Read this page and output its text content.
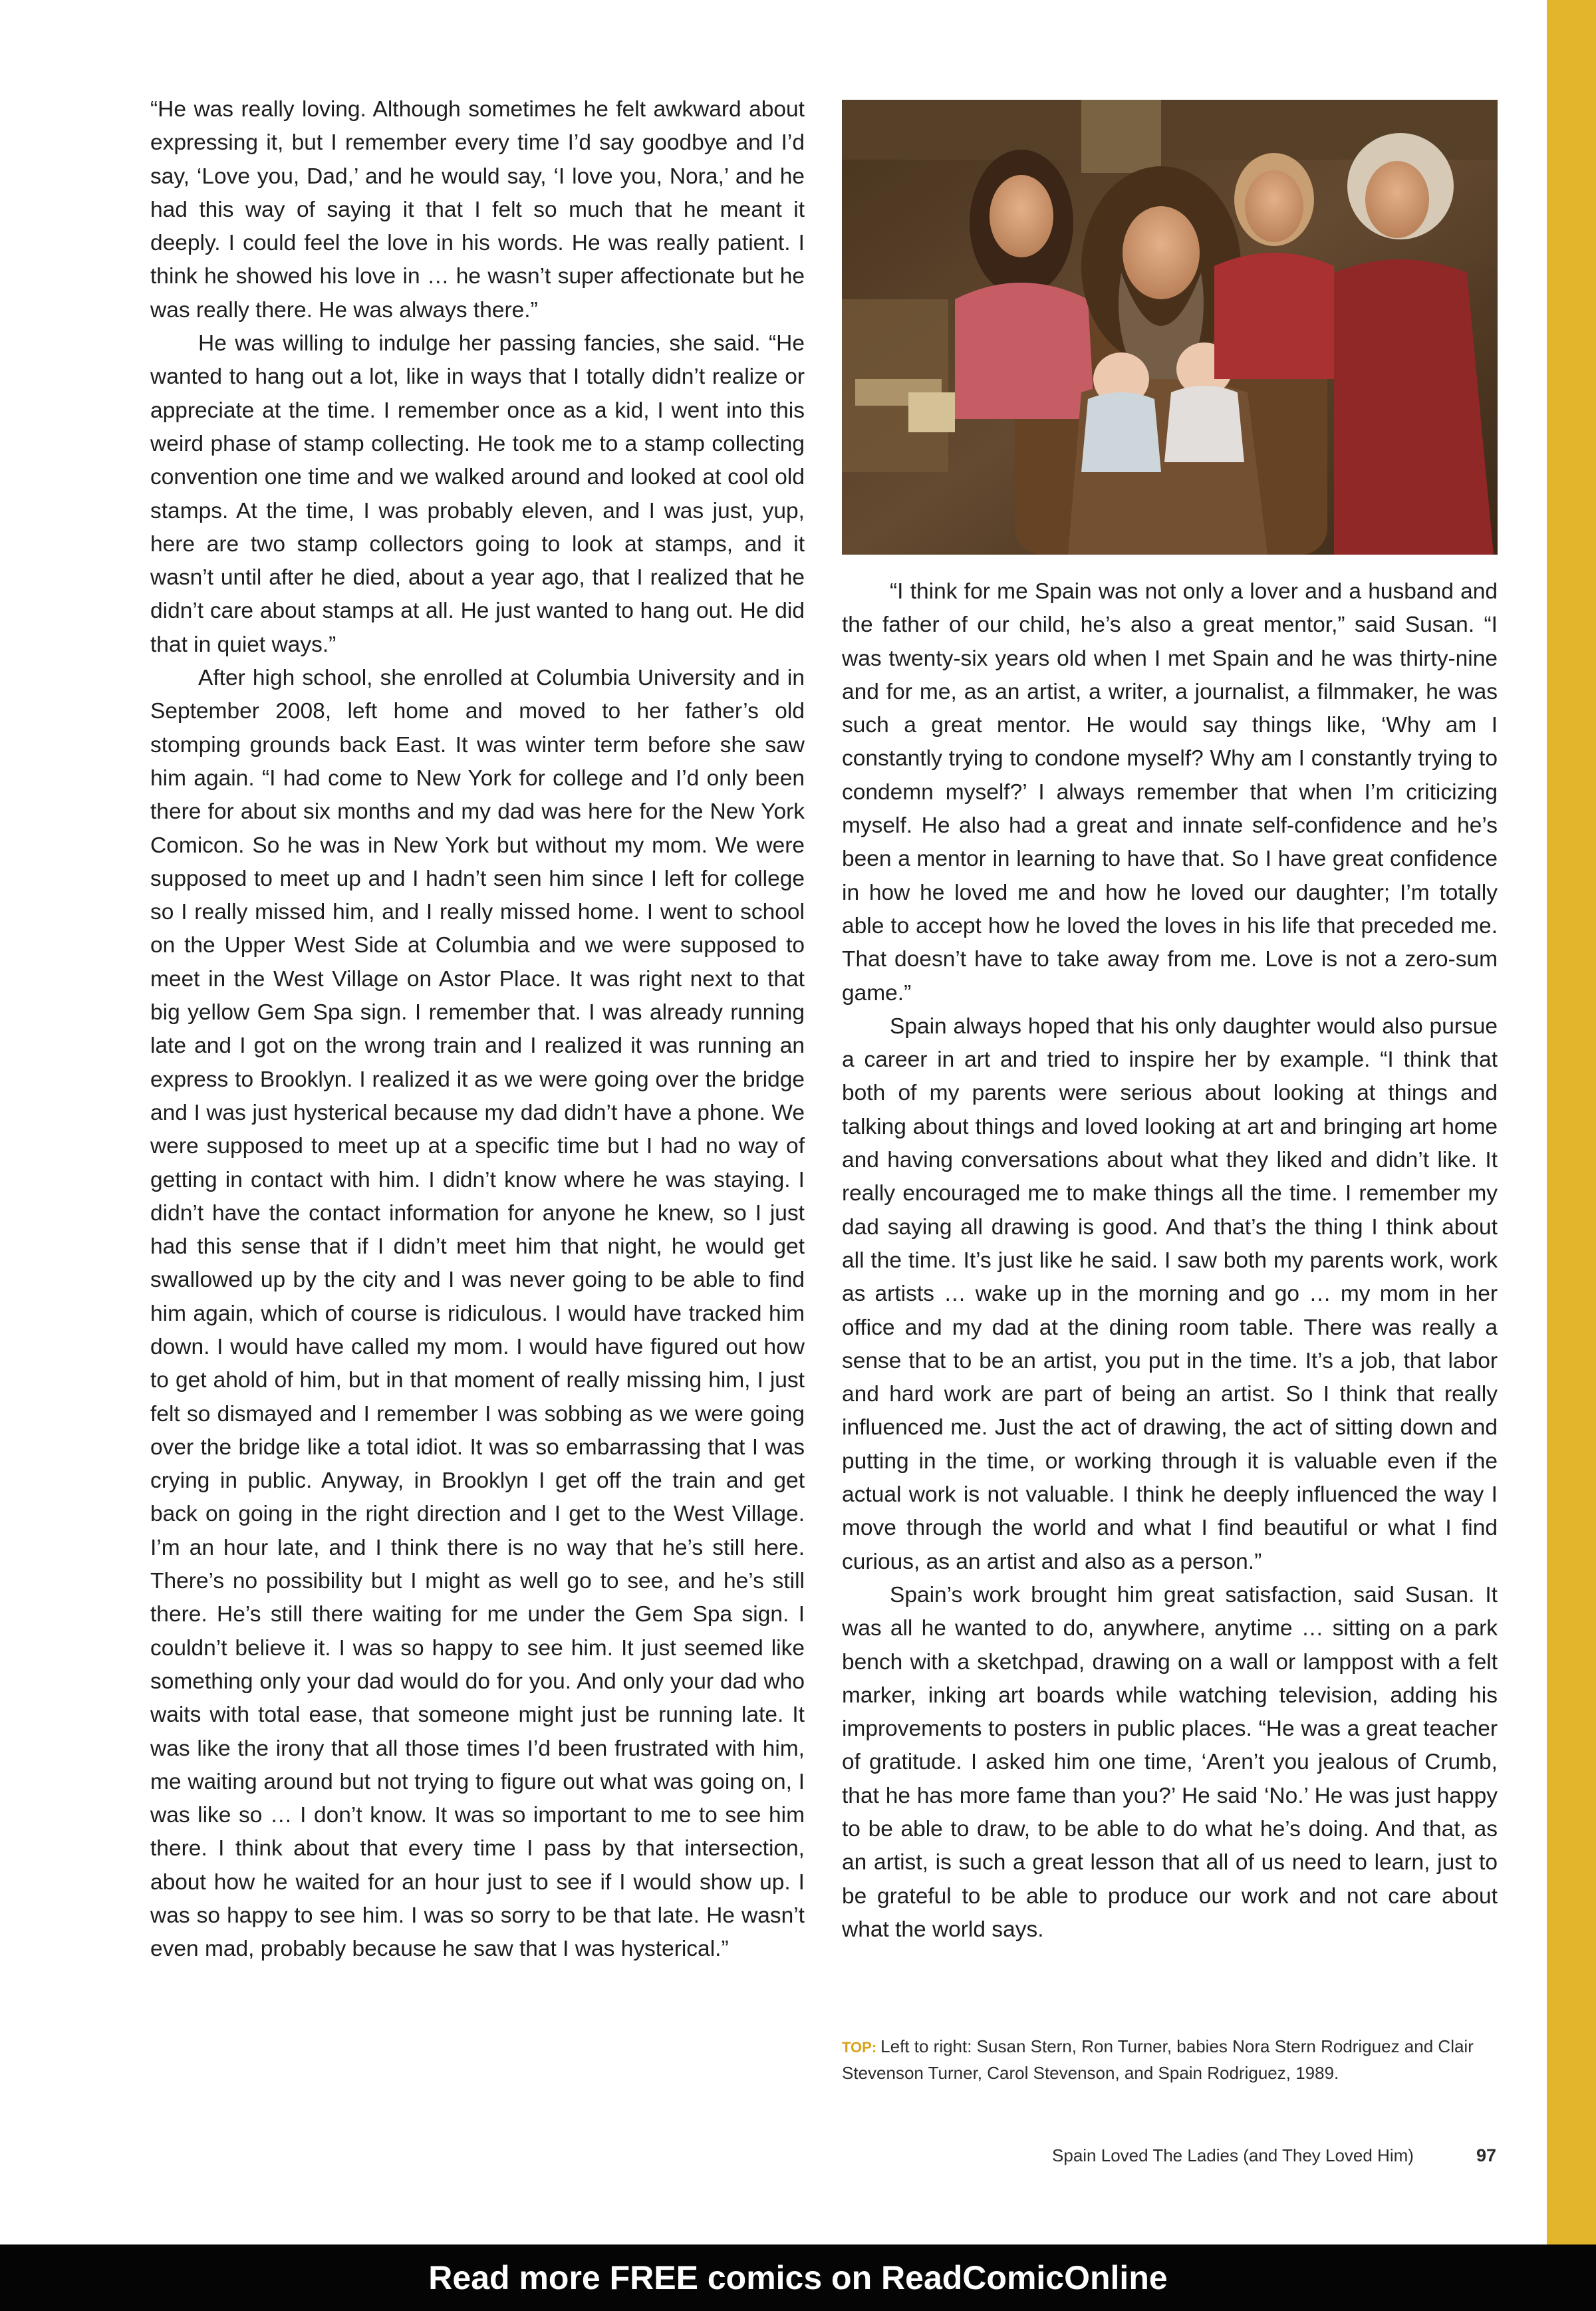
“He was really loving. Although sometimes he felt awkward about expressing it, but I remember every time I’d say goodbye and I’d say, ‘Love you, Dad,’ and he would say, ‘I love you, Nora,’ and he had this way of saying it that I felt so much that he meant it deeply. I could feel the love in his words. He was really patient. I think he showed his love in … he wasn’t super affectionate but he was really there. He was always there.”

He was willing to indulge her passing fancies, she said. “He wanted to hang out a lot, like in ways that I totally didn’t realize or appreciate at the time. I remember once as a kid, I went into this weird phase of stamp collecting. He took me to a stamp collecting convention one time and we walked around and looked at cool old stamps. At the time, I was probably eleven, and I was just, yup, here are two stamp collectors going to look at stamps, and it wasn’t until after he died, about a year ago, that I realized that he didn’t care about stamps at all. He just wanted to hang out. He did that in quiet ways.”

After high school, she enrolled at Columbia University and in September 2008, left home and moved to her father’s old stomping grounds back East. It was winter term before she saw him again. “I had come to New York for college and I’d only been there for about six months and my dad was here for the New York Comicon. So he was in New York but without my mom. We were supposed to meet up and I hadn’t seen him since I left for college so I really missed him, and I really missed home. I went to school on the Upper West Side at Columbia and we were supposed to meet in the West Village on Astor Place. It was right next to that big yellow Gem Spa sign. I remember that. I was already running late and I got on the wrong train and I realized it was running an express to Brooklyn. I realized it as we were going over the bridge and I was just hysterical because my dad didn’t have a phone. We were supposed to meet up at a specific time but I had no way of getting in contact with him. I didn’t know where he was staying. I didn’t have the contact information for anyone he knew, so I just had this sense that if I didn’t meet him that night, he would get swallowed up by the city and I was never going to be able to find him again, which of course is ridiculous. I would have tracked him down. I would have called my mom. I would have figured out how to get ahold of him, but in that moment of really missing him, I just felt so dismayed and I remember I was sobbing as we were going over the bridge like a total idiot. It was so embarrassing that I was crying in public. Anyway, in Brooklyn I get off the train and get back on going in the right direction and I get to the West Village. I’m an hour late, and I think there is no way that he’s still here. There’s no possibility but I might as well go to see, and he’s still there. He’s still there waiting for me under the Gem Spa sign. I couldn’t believe it. I was so happy to see him. It just seemed like something only your dad would do for you. And only your dad who waits with total ease, that someone might just be running late. It was like the irony that all those times I’d been frustrated with him, me waiting around but not trying to figure out what was going on, I was like so … I don’t know. It was so important to me to see him there. I think about that every time I pass by that intersection, about how he waited for an hour just to see if I would show up. I was so happy to see him. I was so sorry to be that late. He wasn’t even mad, probably because he saw that I was hysterical.”

“I think for me Spain was not only a lover and a husband and the father of our child, he’s also a great mentor,” said Susan. “I was twenty-six years old when I met Spain and he was thirty-nine and for me, as an artist, a writer, a journalist, a filmmaker, he was such a great mentor. He would say things like, ‘Why am I constantly trying to condone myself? Why am I constantly trying to condemn myself?’ I always remember that when I’m criticizing myself. He also had a great and innate self-confidence and he’s been a mentor in learning to have that. So I have great confidence in how he loved me and how he loved our daughter; I’m totally able to accept how he loved the loves in his life that preceded me. That doesn’t have to take away from me. Love is not a zero-sum game.”

Spain always hoped that his only daughter would also pursue a career in art and tried to inspire her by example. “I think that both of my parents were serious about looking at things and talking about things and loved looking at art and bringing art home and having conversations about what they liked and didn’t like. It really encouraged me to make things all the time. I remember my dad saying all drawing is good. And that’s the thing I think about all the time. It’s just like he said. I saw both my parents work, work as artists … wake up in the morning and go … my mom in her office and my dad at the dining room table. There was really a sense that to be an artist, you put in the time. It’s a job, that labor and hard work are part of being an artist. So I think that really influenced me. Just the act of drawing, the act of sitting down and putting in the time, or working through it is valuable even if the actual work is not valuable. I think he deeply influenced the way I move through the world and what I find beautiful or what I find curious, as an artist and also as a person.”

Spain’s work brought him great satisfaction, said Susan. It was all he wanted to do, anywhere, anytime … sitting on a park bench with a sketchpad, drawing on a wall or lamppost with a felt marker, inking art boards while watching television, adding his improvements to posters in public places. “He was a great teacher of gratitude. I asked him one time, ‘Aren’t you jealous of Crumb, that he has more fame than you?’ He said ‘No.’ He was just happy to be able to draw, to be able to do what he’s doing. And that, as an artist, is such a great lesson that all of us need to learn, just to be grateful to be able to produce our work and not care about what the world says.

TOP: Left to right: Susan Stern, Ron Turner, babies Nora Stern Rodriguez and Clair Stevenson Turner, Carol Stevenson, and Spain Rodriguez, 1989.
Spain Loved The Ladies (and They Loved Him)	97
Read more FREE comics on ReadComicOnline
